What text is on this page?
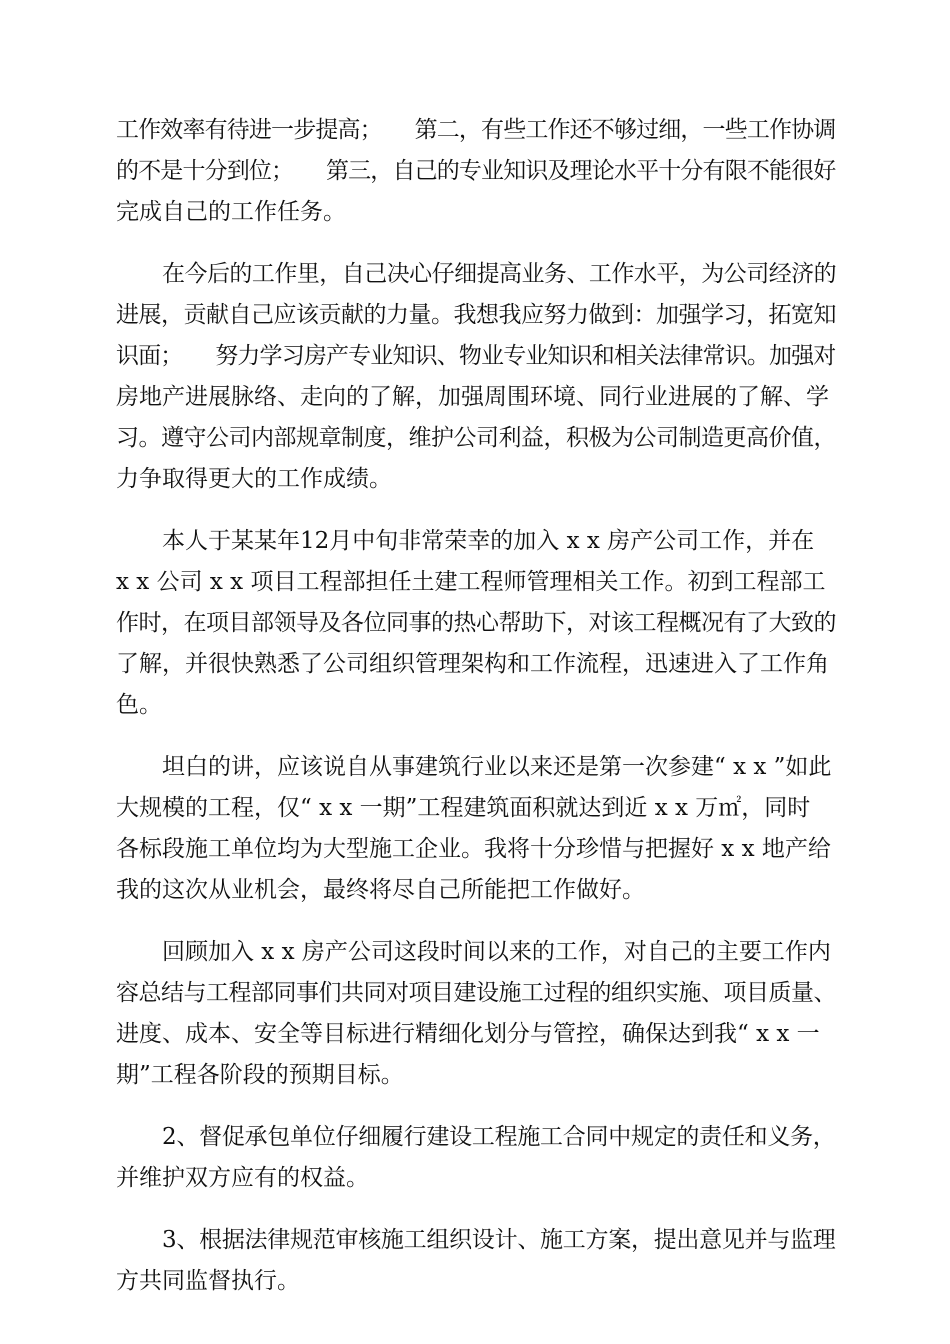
工作效率有待进一步提高；　　第二，有些工作还不够过细，一些工作协调
的不是十分到位；　　第三，自己的专业知识及理论水平十分有限不能很好
完成自己的工作任务。
在今后的工作里，自己决心仔细提高业务、工作水平，为公司经济的
进展，贡献自己应该贡献的力量。我想我应努力做到：加强学习，拓宽知
识面；　　努力学习房产专业知识、物业专业知识和相关法律常识。加强对
房地产进展脉络、走向的了解，加强周围环境、同行业进展的了解、学
习。遵守公司内部规章制度，维护公司利益，积极为公司制造更高价值，
力争取得更大的工作成绩。
本人于某某年12月中旬非常荣幸的加入 x x 房产公司工作，并在
x x 公司 x x 项目工程部担任土建工程师管理相关工作。初到工程部工
作时，在项目部领导及各位同事的热心帮助下，对该工程概况有了大致的
了解，并很快熟悉了公司组织管理架构和工作流程，迅速进入了工作角
色。
坦白的讲，应该说自从事建筑行业以来还是第一次参建“ x x ”如此
大规模的工程，仅“ x x 一期”工程建筑面积就达到近 x x 万㎡，同时
各标段施工单位均为大型施工企业。我将十分珍惜与把握好 x x 地产给
我的这次从业机会，最终将尽自己所能把工作做好。
回顾加入 x x 房产公司这段时间以来的工作，对自己的主要工作内
容总结与工程部同事们共同对项目建设施工过程的组织实施、项目质量、
进度、成本、安全等目标进行精细化划分与管控，确保达到我“ x x 一
期”工程各阶段的预期目标。
2、督促承包单位仔细履行建设工程施工合同中规定的责任和义务，
并维护双方应有的权益。
3、根据法律规范审核施工组织设计、施工方案，提出意见并与监理
方共同监督执行。
